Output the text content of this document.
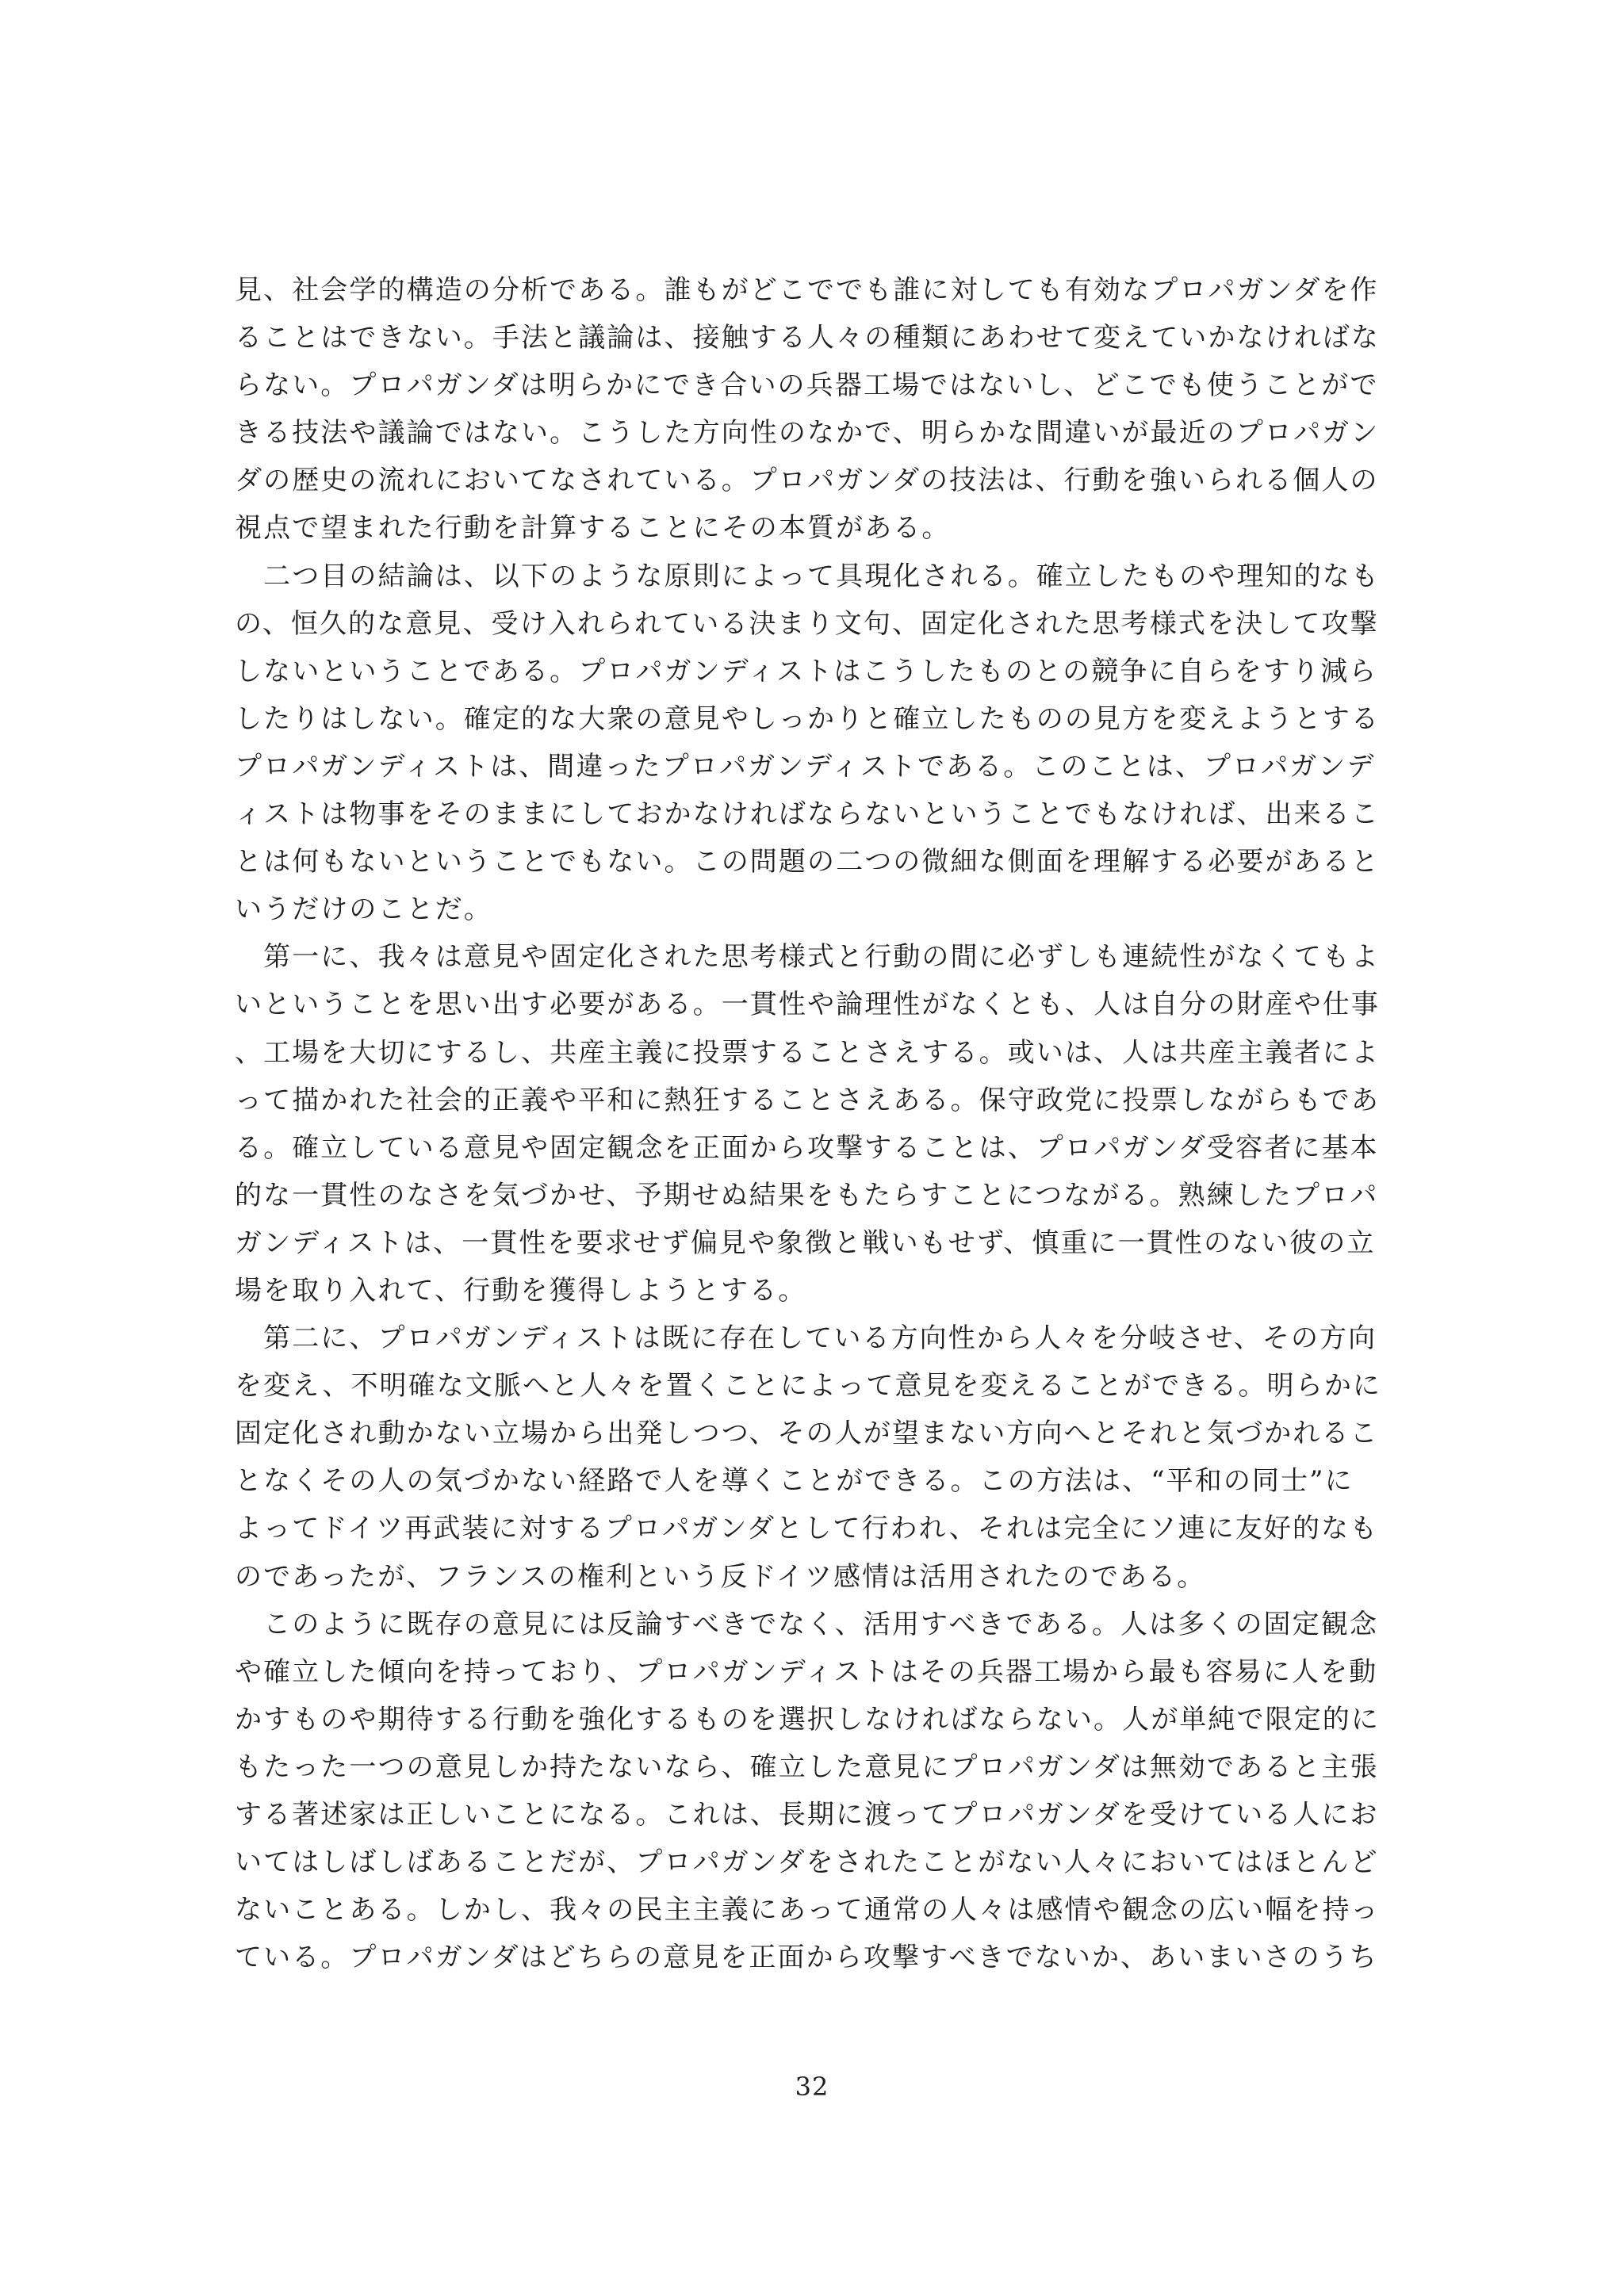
見、社会学的構造の分析である。誰もがどこででも誰に対しても有効なプロパガンダを作
ることはできない。手法と議論は、接触する人々の種類にあわせて変えていかなければな
らない。プロパガンダは明らかにでき合いの兵器工場ではないし、どこでも使うことがで
きる技法や議論ではない。こうした方向性のなかで、明らかな間違いが最近のプロパガン
ダの歴史の流れにおいてなされている。プロパガンダの技法は、行動を強いられる個人の
視点で望まれた行動を計算することにその本質がある。
　二つ目の結論は、以下のような原則によって具現化される。確立したものや理知的なも
の、恒久的な意見、受け入れられている決まり文句、固定化された思考様式を決して攻撃
しないということである。プロパガンディストはこうしたものとの競争に自らをすり減ら
したりはしない。確定的な大衆の意見やしっかりと確立したものの見方を変えようとする
プロパガンディストは、間違ったプロパガンディストである。このことは、プロパガンデ
ィストは物事をそのままにしておかなければならないということでもなければ、出来るこ
とは何もないということでもない。この問題の二つの微細な側面を理解する必要があると
いうだけのことだ。
　第一に、我々は意見や固定化された思考様式と行動の間に必ずしも連続性がなくてもよ
いということを思い出す必要がある。一貫性や論理性がなくとも、人は自分の財産や仕事
、工場を大切にするし、共産主義に投票することさえする。或いは、人は共産主義者によ
って描かれた社会的正義や平和に熱狂することさえある。保守政党に投票しながらもであ
る。確立している意見や固定観念を正面から攻撃することは、プロパガンダ受容者に基本
的な一貫性のなさを気づかせ、予期せぬ結果をもたらすことにつながる。熟練したプロパ
ガンディストは、一貫性を要求せず偏見や象徴と戦いもせず、慎重に一貫性のない彼の立
場を取り入れて、行動を獲得しようとする。
　第二に、プロパガンディストは既に存在している方向性から人々を分岐させ、その方向
を変え、不明確な文脈へと人々を置くことによって意見を変えることができる。明らかに
固定化され動かない立場から出発しつつ、その人が望まない方向へとそれと気づかれるこ
となくその人の気づかない経路で人を導くことができる。この方法は、“平和の同士”に
よってドイツ再武装に対するプロパガンダとして行われ、それは完全にソ連に友好的なも
のであったが、フランスの権利という反ドイツ感情は活用されたのである。
　このように既存の意見には反論すべきでなく、活用すべきである。人は多くの固定観念
や確立した傾向を持っており、プロパガンディストはその兵器工場から最も容易に人を動
かすものや期待する行動を強化するものを選択しなければならない。人が単純で限定的に
もたった一つの意見しか持たないなら、確立した意見にプロパガンダは無効であると主張
する著述家は正しいことになる。これは、長期に渡ってプロパガンダを受けている人にお
いてはしばしばあることだが、プロパガンダをされたことがない人々においてはほとんど
ないことある。しかし、我々の民主主義にあって通常の人々は感情や観念の広い幅を持っ
ている。プロパガンダはどちらの意見を正面から攻撃すべきでないか、あいまいさのうち
32
